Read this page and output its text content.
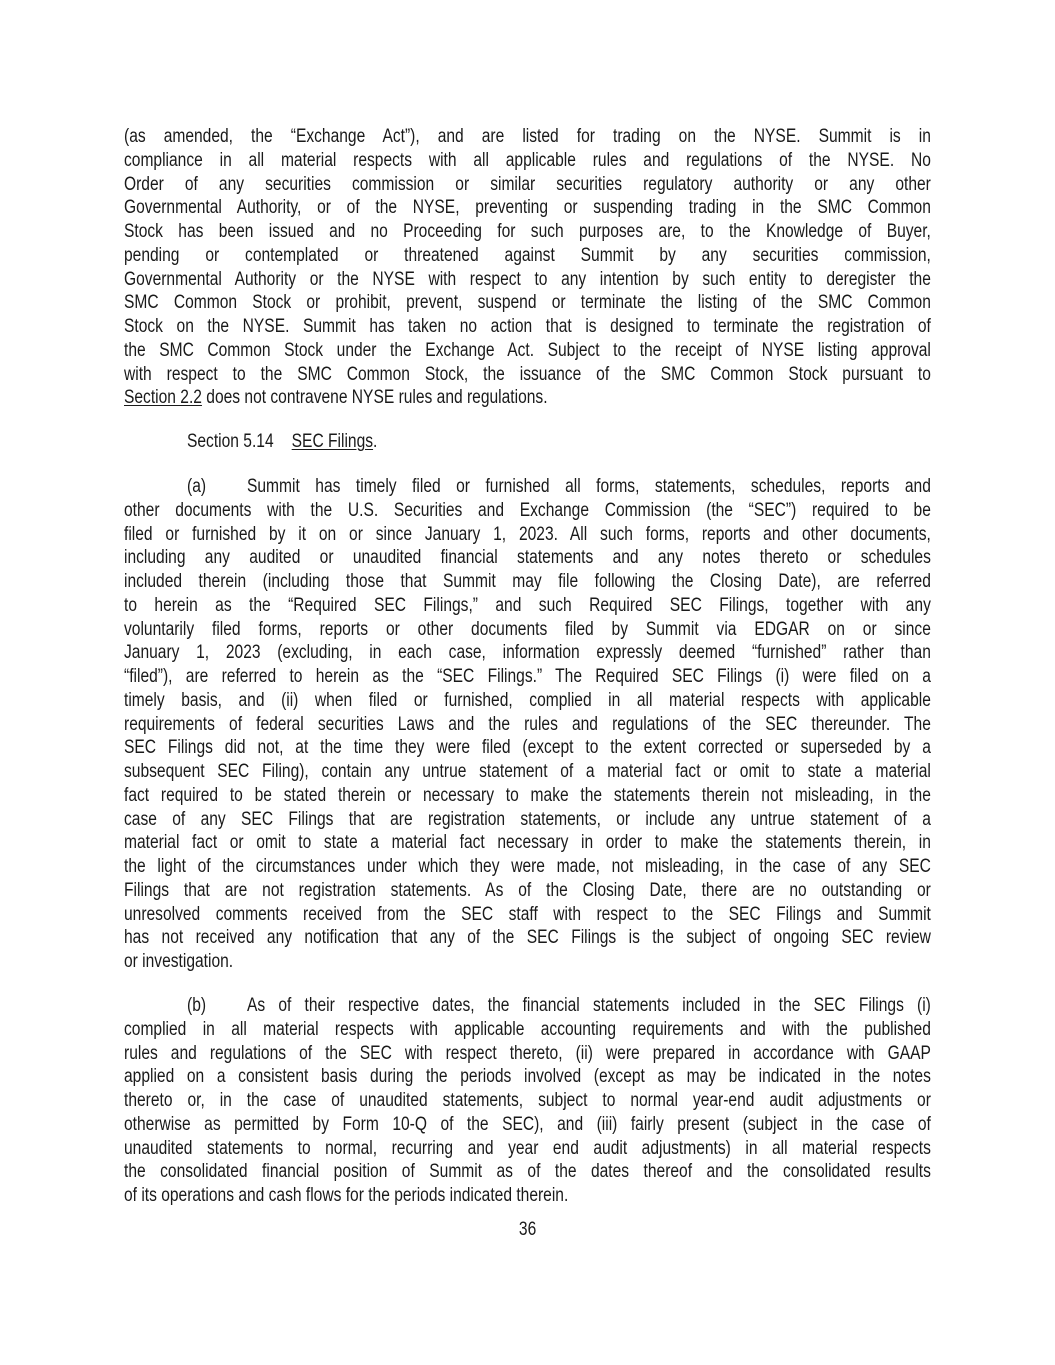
(as amended, the “Exchange Act”), and are listed for trading on the NYSE. Summit is in
compliance in all material respects with all applicable rules and regulations of the NYSE. No
Order of any securities commission or similar securities regulatory authority or any other
Governmental Authority, or of the NYSE, preventing or suspending trading in the SMC Common
Stock has been issued and no Proceeding for such purposes are, to the Knowledge of Buyer,
pending or contemplated or threatened against Summit by any securities commission,
Governmental Authority or the NYSE with respect to any intention by such entity to deregister the
SMC Common Stock or prohibit, prevent, suspend or terminate the listing of the SMC Common
Stock on the NYSE. Summit has taken no action that is designed to terminate the registration of
the SMC Common Stock under the Exchange Act. Subject to the receipt of NYSE listing approval
with respect to the SMC Common Stock, the issuance of the SMC Common Stock pursuant to
Section 2.2 does not contravene NYSE rules and regulations.
Section 5.14 SEC Filings.
(a) Summit has timely filed or furnished all forms, statements, schedules, reports and
other documents with the U.S. Securities and Exchange Commission (the “SEC”) required to be
filed or furnished by it on or since January 1, 2023. All such forms, reports and other documents,
including any audited or unaudited financial statements and any notes thereto or schedules
included therein (including those that Summit may file following the Closing Date), are referred
to herein as the “Required SEC Filings,” and such Required SEC Filings, together with any
voluntarily filed forms, reports or other documents filed by Summit via EDGAR on or since
January 1, 2023 (excluding, in each case, information expressly deemed “furnished” rather than
“filed”), are referred to herein as the “SEC Filings.” The Required SEC Filings (i) were filed on a
timely basis, and (ii) when filed or furnished, complied in all material respects with applicable
requirements of federal securities Laws and the rules and regulations of the SEC thereunder. The
SEC Filings did not, at the time they were filed (except to the extent corrected or superseded by a
subsequent SEC Filing), contain any untrue statement of a material fact or omit to state a material
fact required to be stated therein or necessary to make the statements therein not misleading, in the
case of any SEC Filings that are registration statements, or include any untrue statement of a
material fact or omit to state a material fact necessary in order to make the statements therein, in
the light of the circumstances under which they were made, not misleading, in the case of any SEC
Filings that are not registration statements. As of the Closing Date, there are no outstanding or
unresolved comments received from the SEC staff with respect to the SEC Filings and Summit
has not received any notification that any of the SEC Filings is the subject of ongoing SEC review
or investigation.
(b) As of their respective dates, the financial statements included in the SEC Filings (i)
complied in all material respects with applicable accounting requirements and with the published
rules and regulations of the SEC with respect thereto, (ii) were prepared in accordance with GAAP
applied on a consistent basis during the periods involved (except as may be indicated in the notes
thereto or, in the case of unaudited statements, subject to normal year-end audit adjustments or
otherwise as permitted by Form 10-Q of the SEC), and (iii) fairly present (subject in the case of
unaudited statements to normal, recurring and year end audit adjustments) in all material respects
the consolidated financial position of Summit as of the dates thereof and the consolidated results
of its operations and cash flows for the periods indicated therein.
36
